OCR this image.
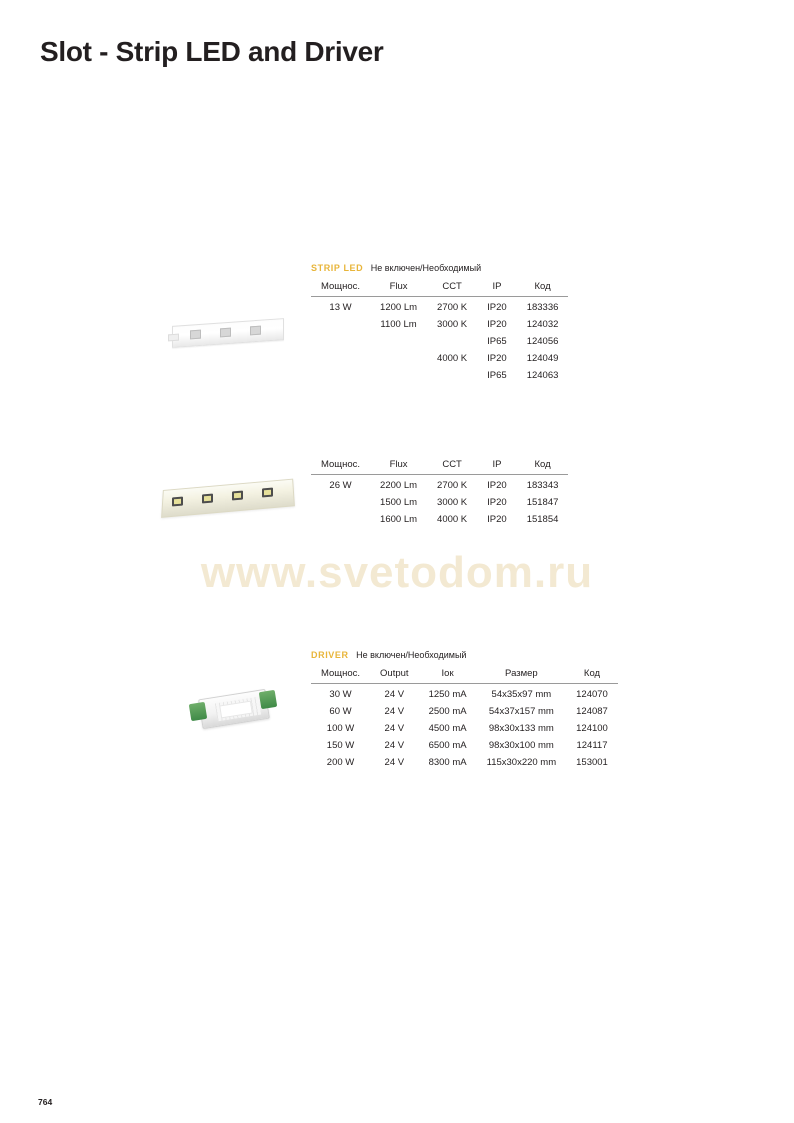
Slot - Strip LED and Driver
www.svetodom.ru
STRIP LED Не включен/Необходимый
Мощнос.	Flux	CCT	IP	Код
13 W	1200 Lm	2700 K	IP20	183336
	1100 Lm	3000 K	IP20	124032
			IP65	124056
		4000 K	IP20	124049
			IP65	124063
Мощнос.	Flux	CCT	IP	Код
26 W	2200 Lm	2700 K	IP20	183343
	1500 Lm	3000 K	IP20	151847
	1600 Lm	4000 K	IP20	151854
DRIVER Не включен/Необходимый
Мощнос.	Output	Iок	Размер	Код
30 W	24 V	1250 mA	54x35x97 mm	124070
60 W	24 V	2500 mA	54x37x157 mm	124087
100 W	24 V	4500 mA	98x30x133 mm	124100
150 W	24 V	6500 mA	98x30x100 mm	124117
200 W	24 V	8300 mA	115x30x220 mm	153001
764
